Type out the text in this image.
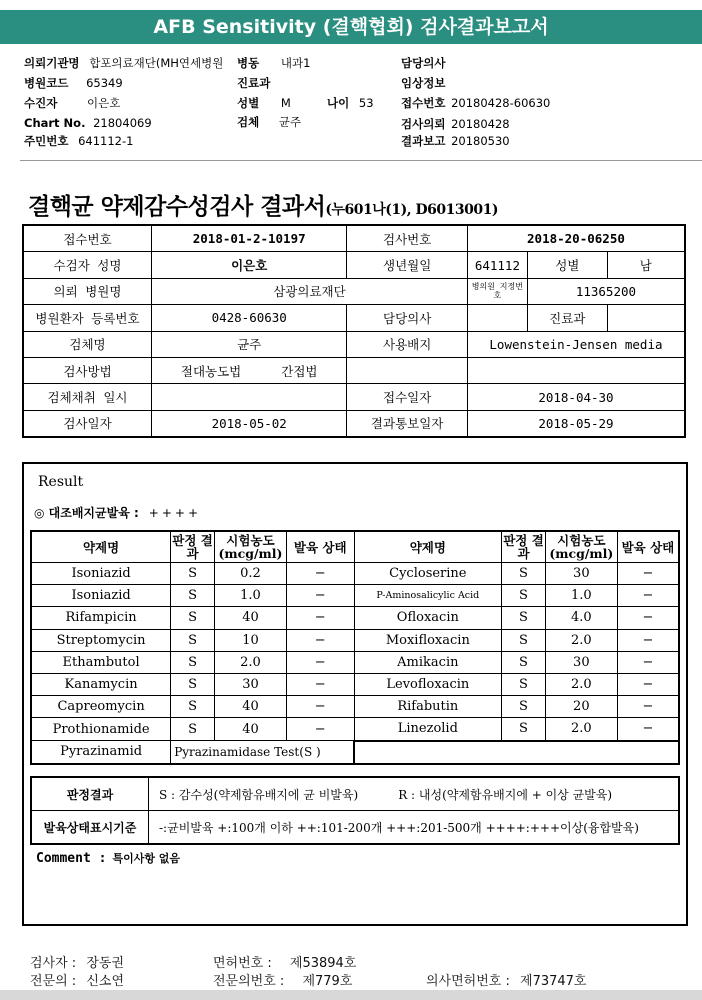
AFB Sensitivity (결핵협회) 검사결과보고서
의뢰기관명 합포의료재단(MH연세병원 병동 내과1	담당의사
병원코드 65349	진료과	임상정보
수진자	이은호	성별 M	나이 53 접수번호 20180428-60630
Chart No. 21804069	검체 균주	검사의뢰 20180428
주민번호 641112-1	결과보고 20180530
결핵균 약제감수성검사 결과서(누601나(1), D6013001)
접수번호	2018-01-2-10197	검사번호	2018-20-06250		
수검자 성명	이은호	생년월일	641112	성별	남
의뢰 병원명	삼광의료재단		병의원 지정번호	11365200	
병원환자 등록번호	0428-60630	담당의사		진료과	
검체명	균주	사용배지	Lowenstein-Jensen media		
검사방법	절대농도법 간접법				
검체채취 일시		접수일자	2018-04-30		
검사일자	2018-05-02	결과통보일자	2018-05-29		
Result
◎ 대조배지균발육 : ++++
약제명	판정 결과	시험농도 (mcg/ml)	발육 상태	약제명	판정 결과	시험농도 (mcg/ml)	발육 상태
Isoniazid	S	0.2	−	Cycloserine	S	30	−
Isoniazid	S	1.0	−	P-Aminosalicylic Acid	S	1.0	−
Rifampicin	S	40	−	Ofloxacin	S	4.0	−
Streptomycin	S	10	−	Moxifloxacin	S	2.0	−
Ethambutol	S	2.0	−	Amikacin	S	30	−
Kanamycin	S	30	−	Levofloxacin	S	2.0	−
Capreomycin	S	40	−	Rifabutin	S	20	−
Prothionamide	S	40	−	Linezolid	S	2.0	−
Pyrazinamid	Pyrazinamidase Test(S )						
판정결과	S : 감수성(약제함유배지에 균 비발육) R : 내성(약제함유배지에 + 이상 균발육)
발육상태표시기준	-:균비발육 +:100개 이하 ++:101-200개 +++:201-500개 ++++:+++이상(융합발육)
Comment : 특이사항 없음
검사자 : 장동권	면허번호 : 제53894호
전문의 : 신소연	전문의번호 : 제779호	의사면허번호 : 제73747호
